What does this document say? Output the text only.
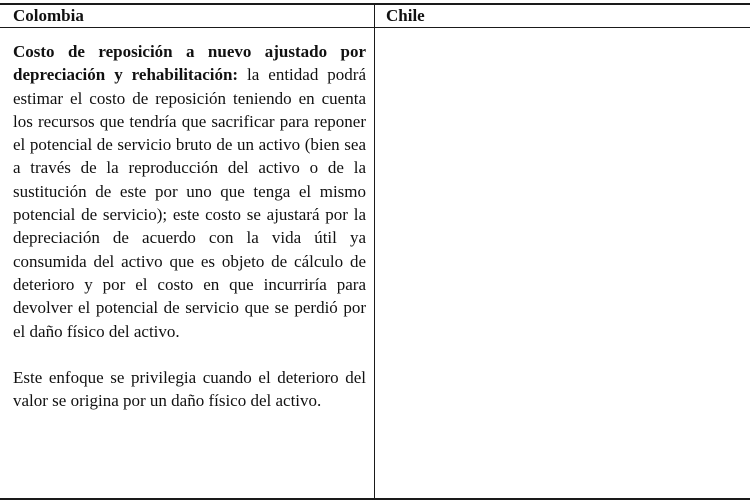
Colombia	Chile

Costo de reposición a nuevo ajustado por depreciación y rehabilitación: la entidad podrá estimar el costo de reposición teniendo en cuenta los recursos que tendría que sacrificar para reponer el potencial de servicio bruto de un activo (bien sea a través de la reproducción del activo o de la sustitución de este por uno que tenga el mismo potencial de servicio); este costo se ajustará por la depreciación de acuerdo con la vida útil ya consumida del activo que es objeto de cálculo de deterioro y por el costo en que incurriría para devolver el potencial de servicio que se perdió por el daño físico del activo.

Este enfoque se privilegia cuando el deterioro del valor se origina por un daño físico del activo.
